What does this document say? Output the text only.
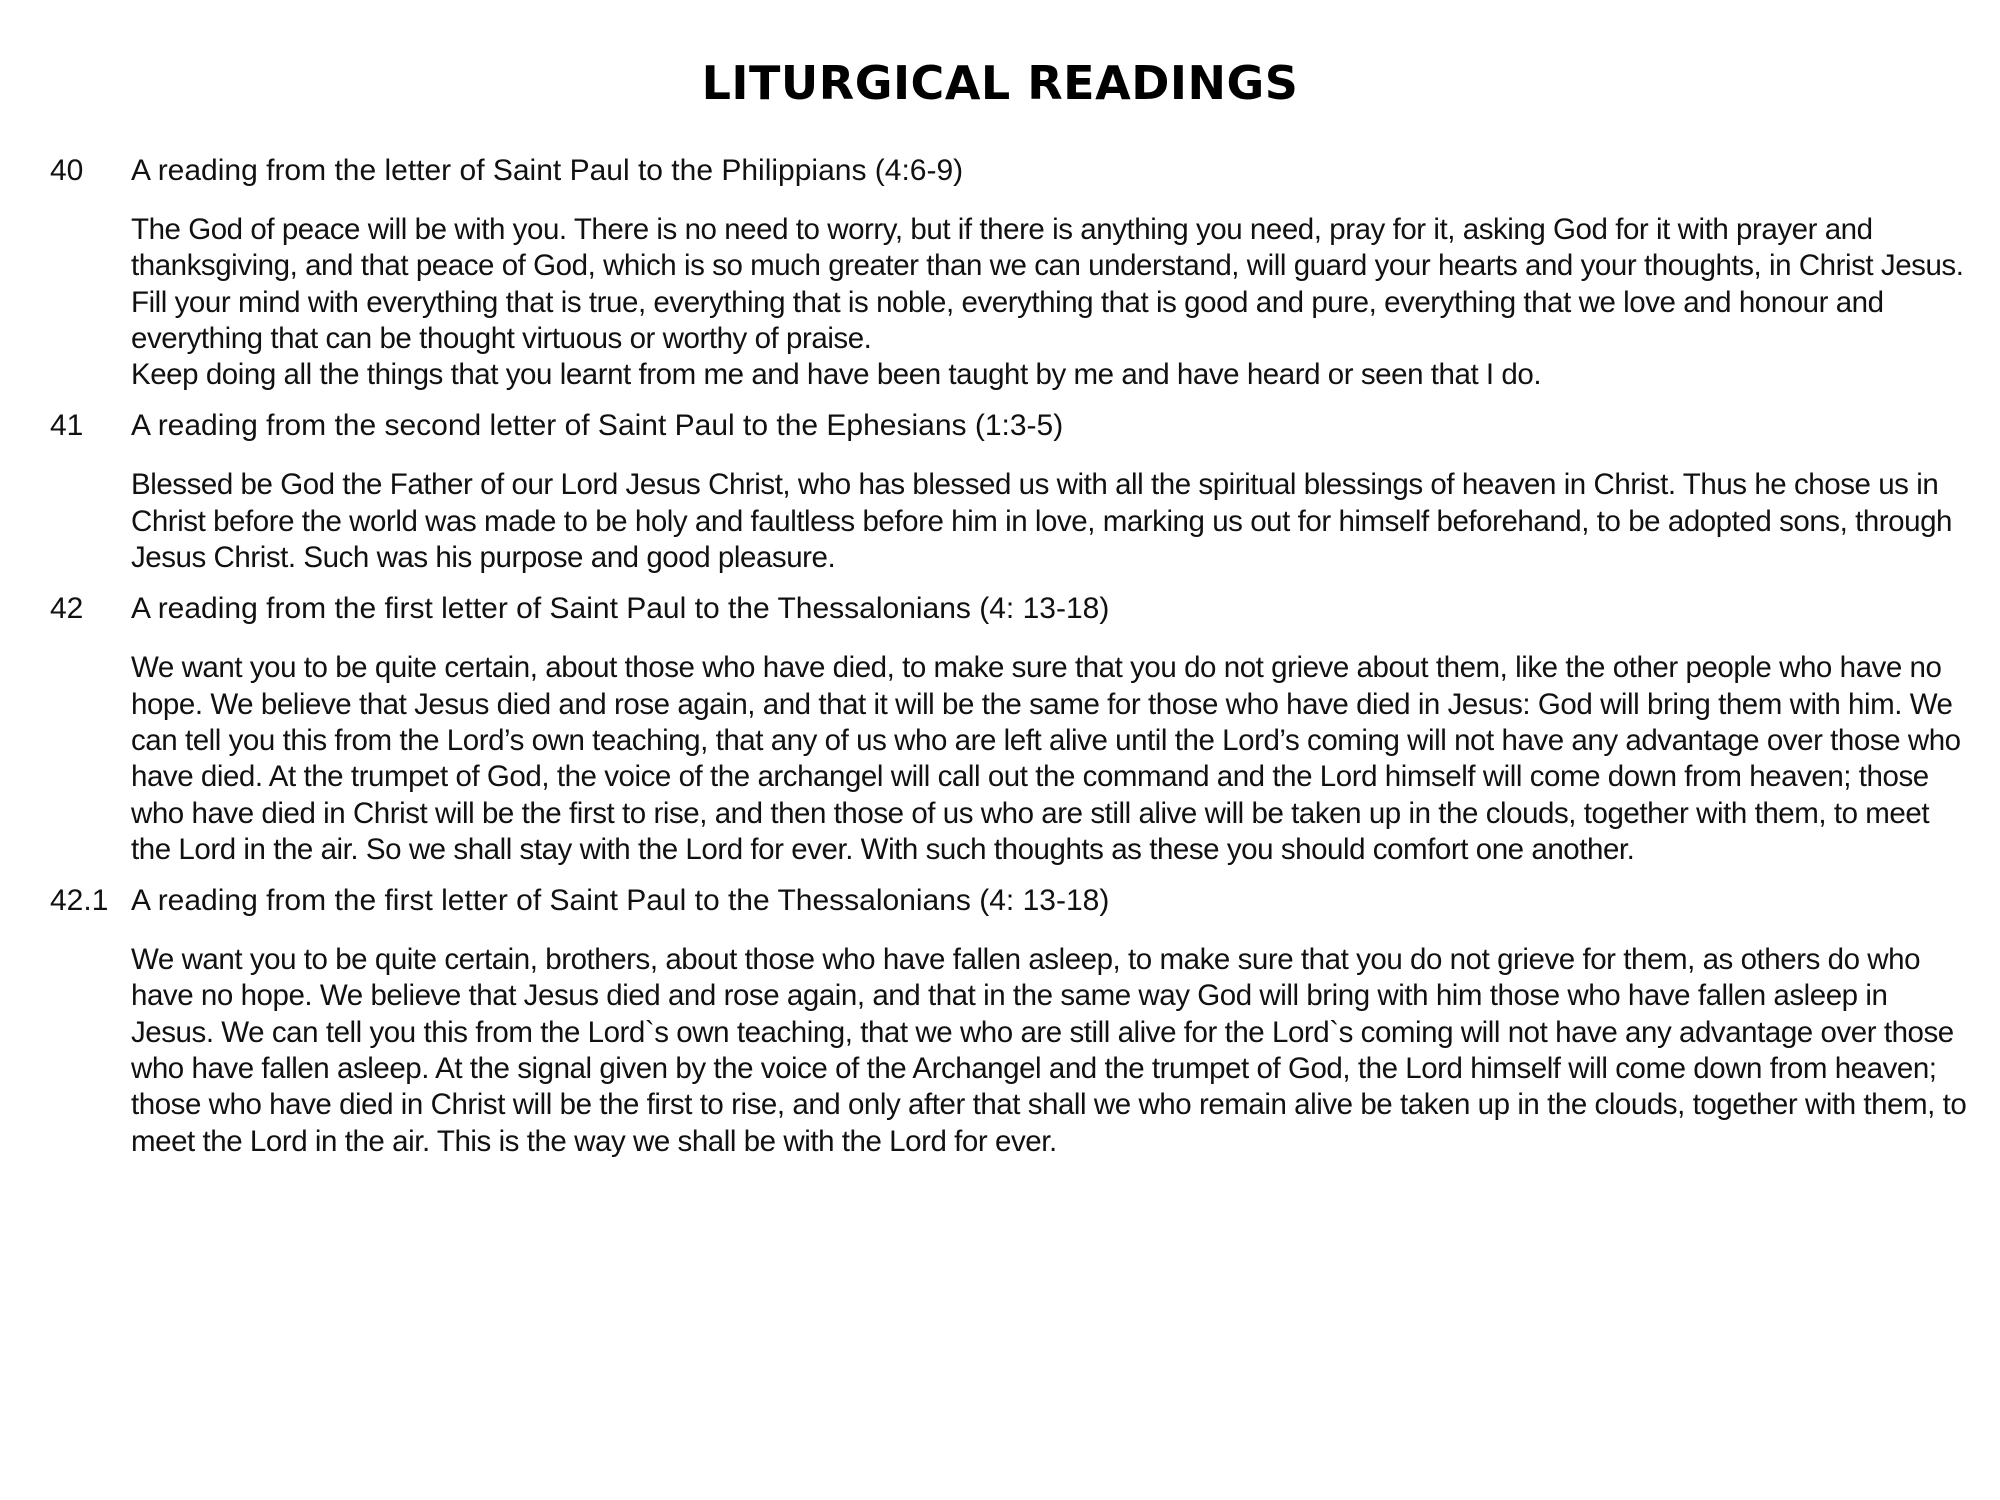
LITURGICAL READINGS
40	A reading from the letter of Saint Paul to the Philippians (4:6-9)

The God of peace will be with you. There is no need to worry, but if there is anything you need, pray for it, asking God for it with prayer and thanksgiving, and that peace of God, which is so much greater than we can understand, will guard your hearts and your thoughts, in Christ Jesus. Fill your mind with everything that is true, everything that is noble, everything that is good and pure, everything that we love and honour and everything that can be thought virtuous or worthy of praise.

Keep doing all the things that you learnt from me and have been taught by me and have heard or seen that I do.

41	A reading from the second letter of Saint Paul to the Ephesians (1:3-5)

Blessed be God the Father of our Lord Jesus Christ, who has blessed us with all the spiritual blessings of heaven in Christ. Thus he chose us in Christ before the world was made to be holy and faultless before him in love, marking us out for himself beforehand, to be adopted sons, through Jesus Christ. Such was his purpose and good pleasure.

42	A reading from the first letter of Saint Paul to the Thessalonians (4: 13-18)

We want you to be quite certain, about those who have died, to make sure that you do not grieve about them, like the other people who have no hope. We believe that Jesus died and rose again, and that it will be the same for those who have died in Jesus: God will bring them with him. We can tell you this from the Lord’s own teaching, that any of us who are left alive until the Lord’s coming will not have any advantage over those who have died. At the trumpet of God, the voice of the archangel will call out the command and the Lord himself will come down from heaven; those who have died in Christ will be the first to rise, and then those of us who are still alive will be taken up in the clouds, together with them, to meet the Lord in the air. So we shall stay with the Lord for ever. With such thoughts as these you should comfort one another.

42.1 A reading from the first letter of Saint Paul to the Thessalonians (4: 13-18)

We want you to be quite certain, brothers, about those who have fallen asleep, to make sure that you do not grieve for them, as others do who have no hope. We believe that Jesus died and rose again, and that in the same way God will bring with him those who have fallen asleep in Jesus. We can tell you this from the Lord`s own teaching, that we who are still alive for the Lord`s coming will not have any advantage over those who have fallen asleep. At the signal given by the voice of the Archangel and the trumpet of God, the Lord himself will come down from heaven; those who have died in Christ will be the first to rise, and only after that shall we who remain alive be taken up in the clouds, together with them, to meet the Lord in the air. This is the way we shall be with the Lord for ever.
